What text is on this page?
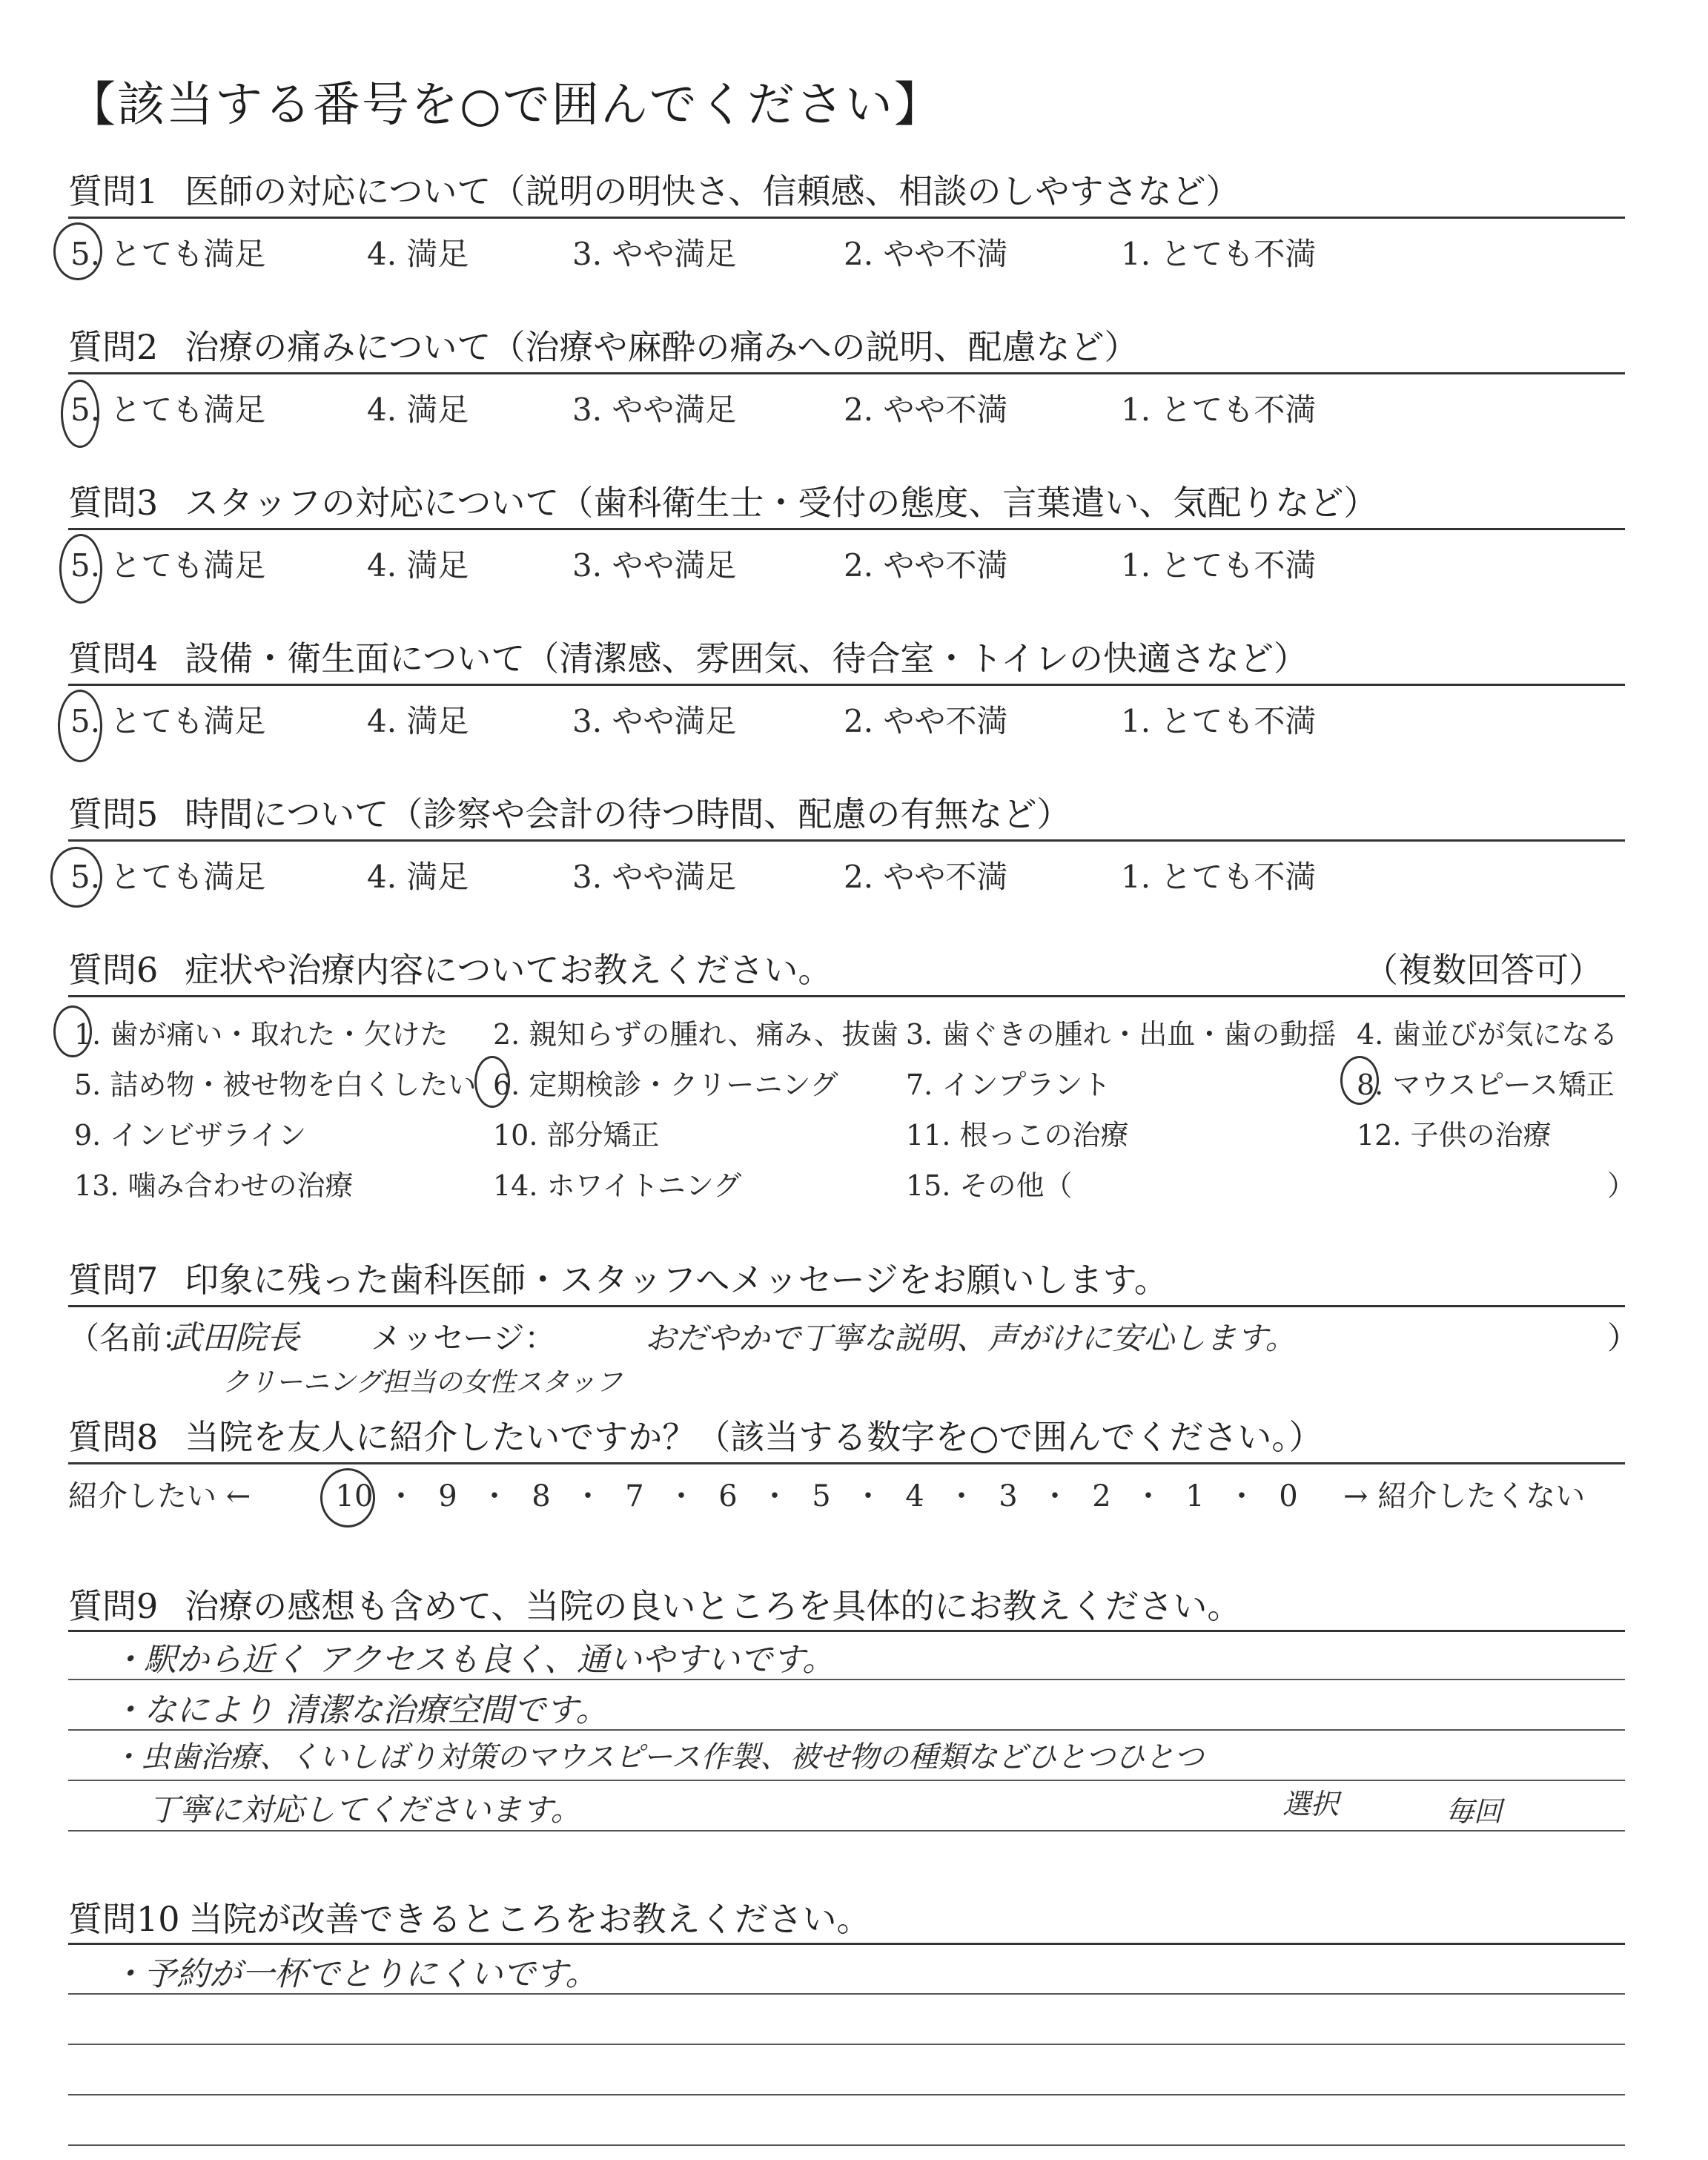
【該当する番号を○で囲んでください】
質問1 医師の対応について（説明の明快さ、信頼感、相談のしやすさなど）
5. とても満足	4. 満足	3. やや満足	2. やや不満	1. とても不満
質問2 治療の痛みについて（治療や麻酔の痛みへの説明、配慮など）
5. とても満足	4. 満足	3. やや満足	2. やや不満	1. とても不満
質問3 スタッフの対応について（歯科衛生士・受付の態度、言葉遣い、気配りなど）
5. とても満足	4. 満足	3. やや満足	2. やや不満	1. とても不満
質問4 設備・衛生面について（清潔感、雰囲気、待合室・トイレの快適さなど）
5. とても満足	4. 満足	3. やや満足	2. やや不満	1. とても不満
質問5 時間について（診察や会計の待つ時間、配慮の有無など）
5. とても満足	4. 満足	3. やや満足	2. やや不満	1. とても不満
質問6 症状や治療内容についてお教えください。	（複数回答可）
1. 歯が痛い・取れた・欠けた 2. 親知らずの腫れ、痛み、抜歯 3. 歯ぐきの腫れ・出血・歯の動揺 4. 歯並びが気になる
5. 詰め物・被せ物を白くしたい 6. 定期検診・クリーニング 7. インプラント	8. マウスピース矯正
9. インビザライン	10. 部分矯正	11. 根っこの治療	12. 子供の治療
13. 噛み合わせの治療	14. ホワイトニング	15. その他（	）
質問7 印象に残った歯科医師・スタッフへメッセージをお願いします。
（名前：
武田院長 メッセージ：	おだやかで丁寧な説明、声がけに安心します。	）
クリーニング担当の女性スタッフ
質問8 当院を友人に紹介したいですか？（該当する数字を○で囲んでください。）
紹介したい ←	10 ・ 9 ・ 8 ・ 7 ・ 6 ・ 5 ・ 4 ・ 3 ・ 2 ・ 1 ・ 0	→ 紹介したくない
質問9 治療の感想も含めて、当院の良いところを具体的にお教えください。
・駅から近く アクセスも良く、通いやすいです。
・なにより 清潔な治療空間です。
・虫歯治療、くいしばり対策のマウスピース作製、被せ物の種類などひとつひとつ
丁寧に対応してくださいます。	選択	毎回
質問10 当院が改善できるところをお教えください。
・予約が一杯でとりにくいです。
